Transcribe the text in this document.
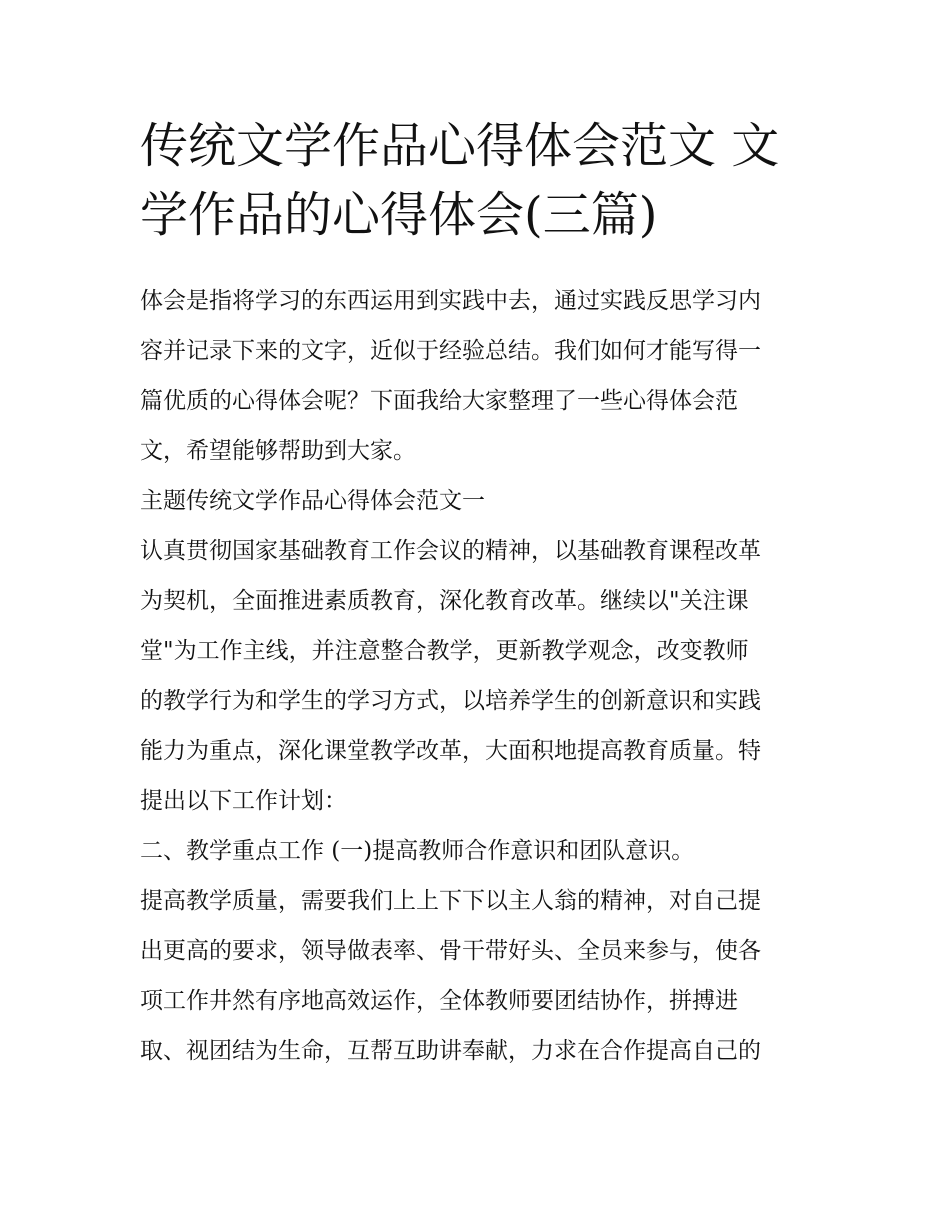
传统文学作品心得体会范文 文
学作品的心得体会(三篇)

体会是指将学习的东西运用到实践中去，通过实践反思学习内

容并记录下来的文字，近似于经验总结。我们如何才能写得一

篇优质的心得体会呢？下面我给大家整理了一些心得体会范

文，希望能够帮助到大家。

主题传统文学作品心得体会范文一

认真贯彻国家基础教育工作会议的精神，以基础教育课程改革

为契机，全面推进素质教育，深化教育改革。继续以"关注课

堂"为工作主线，并注意整合教学，更新教学观念，改变教师

的教学行为和学生的学习方式，以培养学生的创新意识和实践

能力为重点，深化课堂教学改革，大面积地提高教育质量。特

提出以下工作计划：

二、教学重点工作 (一)提高教师合作意识和团队意识。

提高教学质量，需要我们上上下下以主人翁的精神，对自己提

出更高的要求，领导做表率、骨干带好头、全员来参与，使各

项工作井然有序地高效运作，全体教师要团结协作，拼搏进

取、视团结为生命，互帮互助讲奉献，力求在合作提高自己的
